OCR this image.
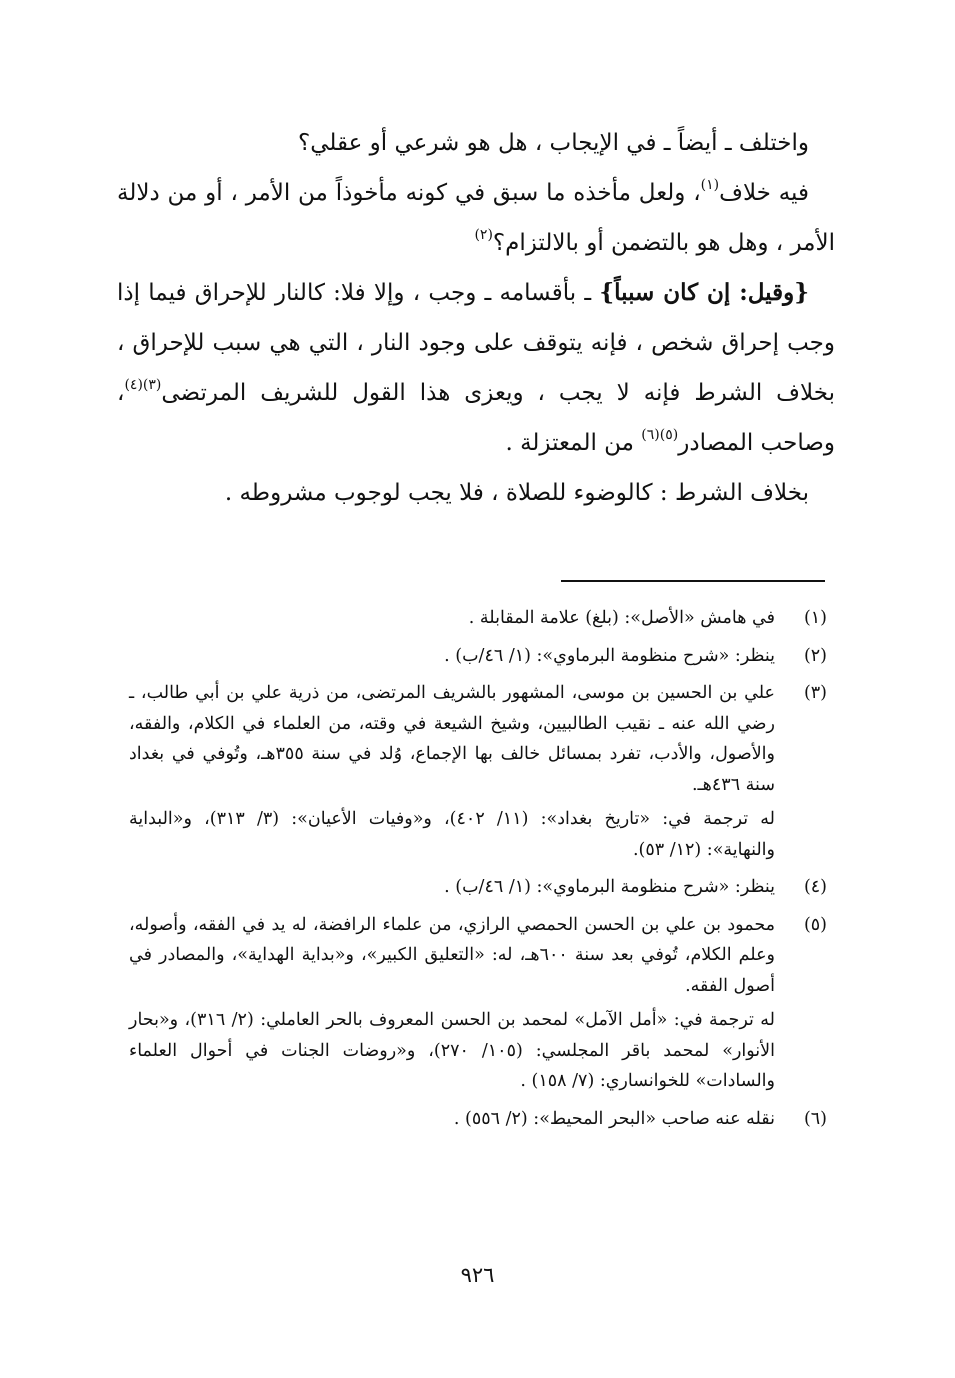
واختلف ـ أيضاً ـ في الإيجاب ، هل هو شرعي أو عقلي؟

فيه خلاف$^{(١)}$، ولعل مأخذه ما سبق في كونه مأخوذاً من الأمر ، أو من دلالة الأمر ، وهل هو بالتضمن أو بالالتزام؟$^{(٢)}$

{وقيل: إن كان سبباً} ـ بأقسامه ـ وجب ، وإلا فلا: كالنار للإحراق فيما إذا وجب إحراق شخص ، فإنه يتوقف على وجود النار ، التي هي سبب للإحراق ، بخلاف الشرط فإنه لا يجب ، ويعزى هذا القول للشريف المرتضى$^{(٣)(٤)}$، وصاحب المصادر$^{(٥)(٦)}$ من المعتزلة .

بخلاف الشرط : كالوضوء للصلاة ، فلا يجب لوجوب مشروطه .

(١)
في هامش «الأصل»: (بلغ) علامة المقابلة .
(٢)
ينظر: «شرح منظومة البرماوي»: (١/ ٤٦/ب) .
(٣)
علي بن الحسين بن موسى، المشهور بالشريف المرتضى، من ذرية علي بن أبي طالب، ـ رضي الله عنه ـ نقيب الطالبيين، وشيخ الشيعة في وقته، من العلماء في الكلام، والفقه، والأصول، والأدب، تفرد بمسائل خالف بها الإجماع، وُلد في سنة ٣٥٥هـ، وتُوفي في بغداد سنة ٤٣٦هـ.
له ترجمة في: «تاريخ بغداد»: (١١/ ٤٠٢)، و«وفيات الأعيان»: (٣/ ٣١٣)، و«البداية والنهاية»: (١٢/ ٥٣).
(٤)
ينظر: «شرح منظومة البرماوي»: (١/ ٤٦/ب) .
(٥)
محمود بن علي بن الحسن الحمصي الرازي، من علماء الرافضة، له يد في الفقه، وأصوله، وعلم الكلام، تُوفي بعد سنة ٦٠٠هـ، له: «التعليق الكبير»، و«بداية الهداية»، والمصادر في أصول الفقه.
له ترجمة في: «أمل الآمل» لمحمد بن الحسن المعروف بالحر العاملي: (٢/ ٣١٦)، و«بحار الأنوار» لمحمد باقر المجلسي: (١٠٥/ ٢٧٠)، و«روضات الجنات في أحوال العلماء والسادات» للخوانساري: (٧/ ١٥٨) .
(٦)
نقله عنه صاحب «البحر المحيط»: (٢/ ٥٥٦) .
٩٢٦
